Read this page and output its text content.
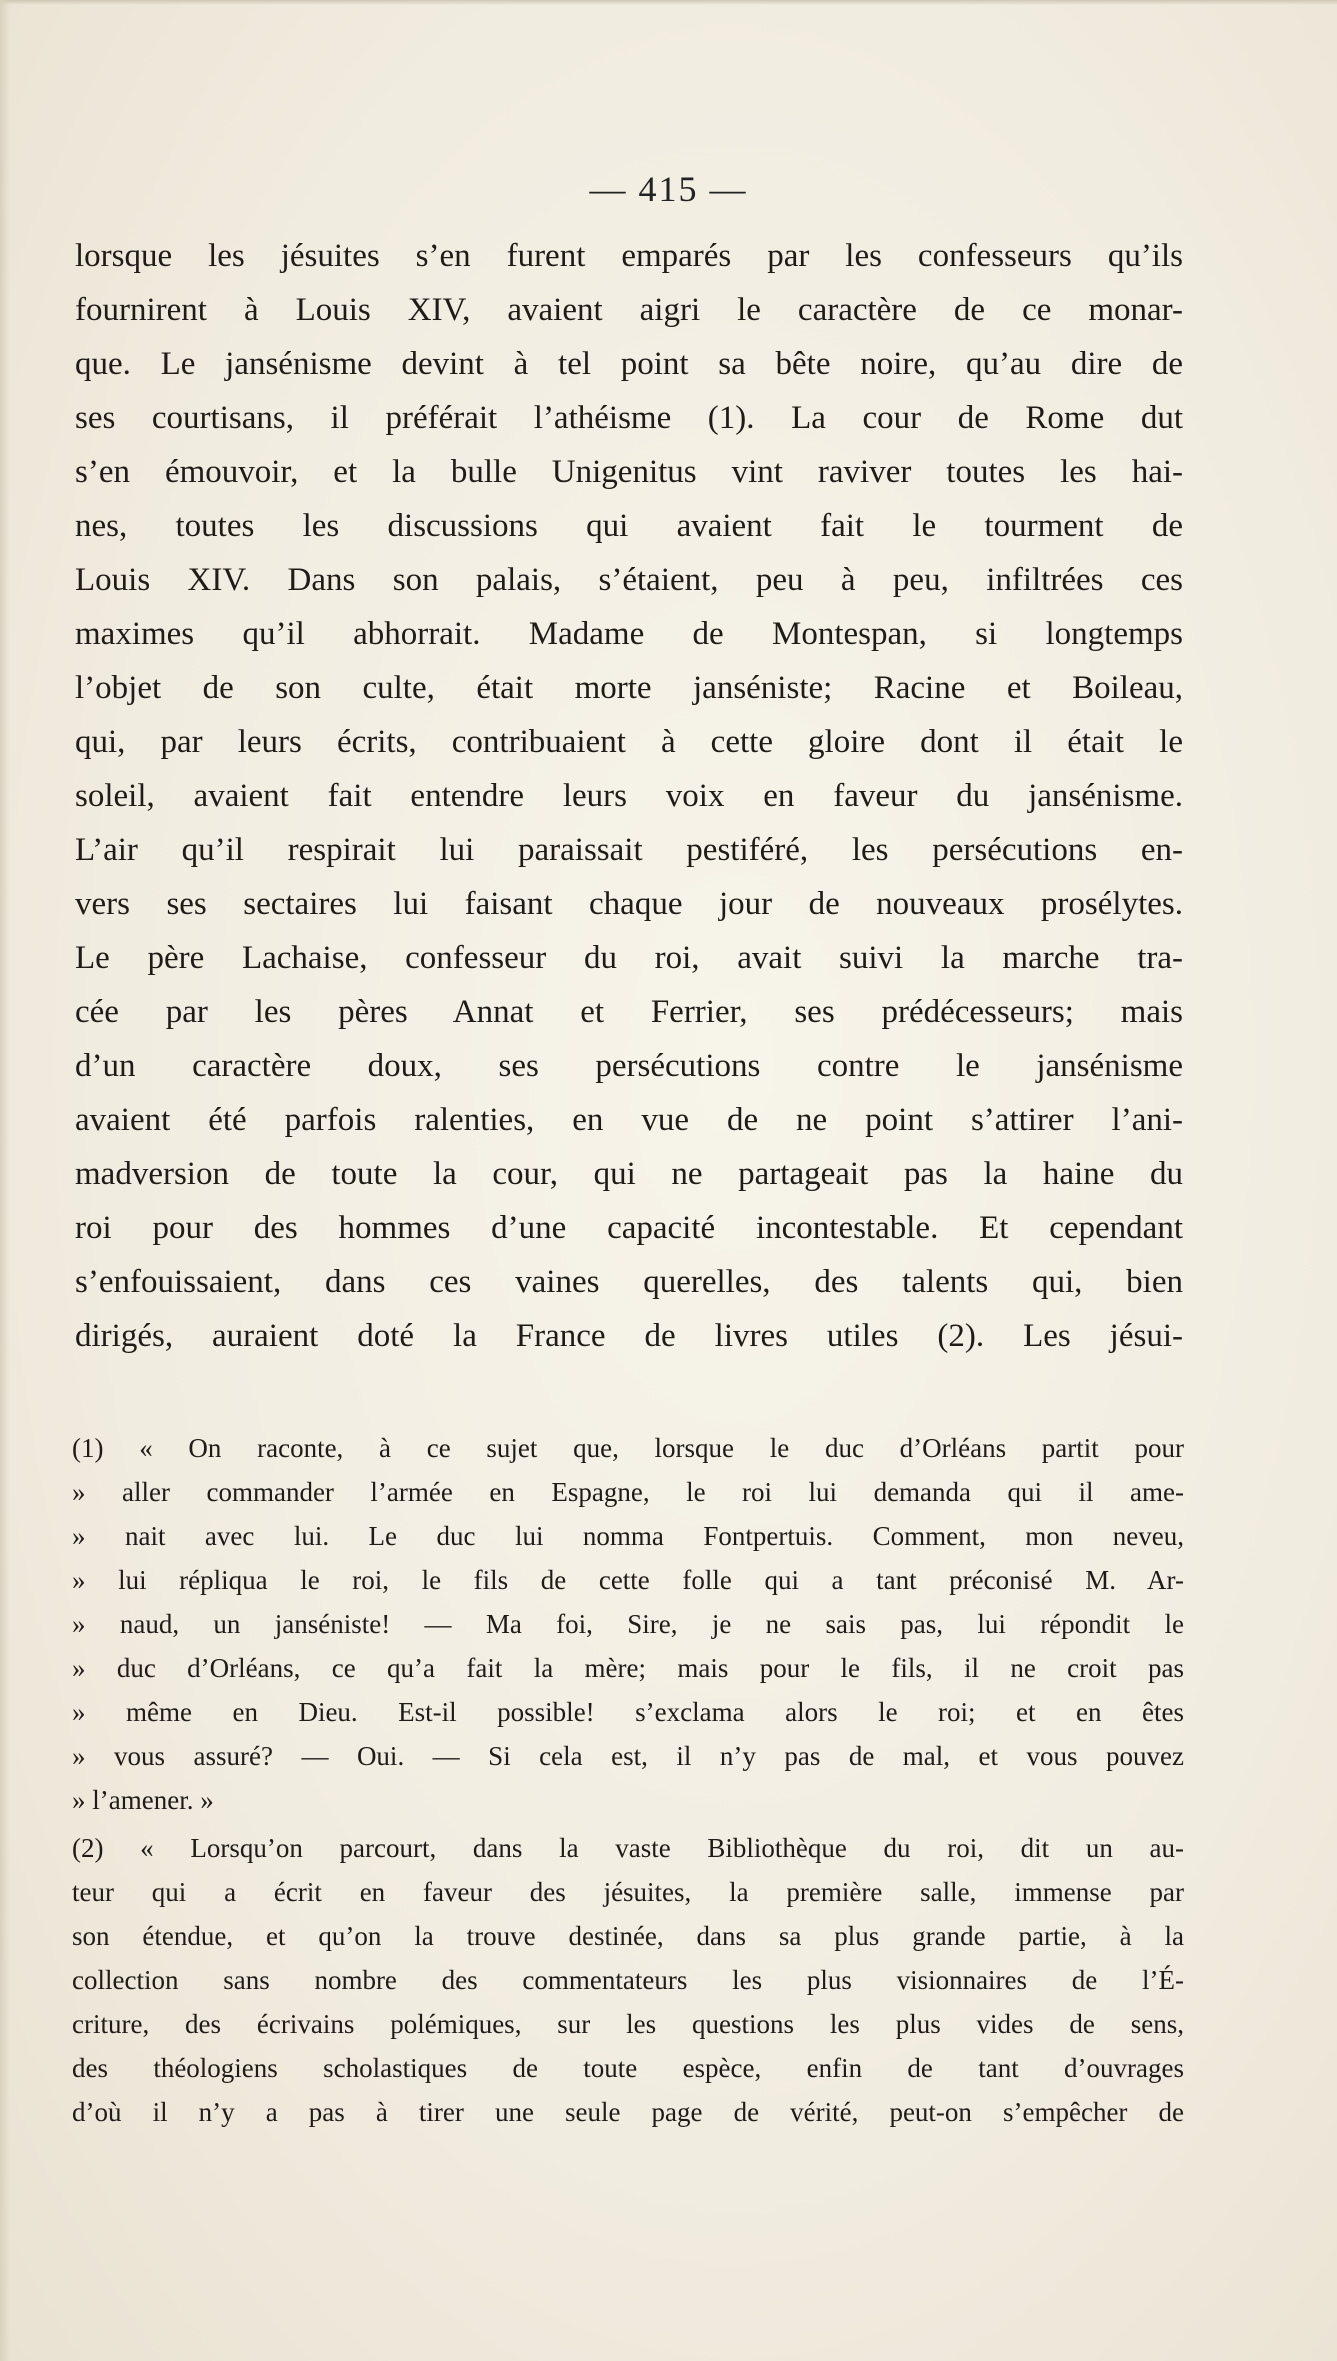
— 415 —
lorsque les jésuites s’en furent emparés par les confesseurs qu’ils
fournirent à Louis XIV, avaient aigri le caractère de ce monar-
que. Le jansénisme devint à tel point sa bête noire, qu’au dire de
ses courtisans, il préférait l’athéisme (1). La cour de Rome dut
s’en émouvoir, et la bulle Unigenitus vint raviver toutes les hai-
nes, toutes les discussions qui avaient fait le tourment de
Louis XIV. Dans son palais, s’étaient, peu à peu, infiltrées ces
maximes qu’il abhorrait. Madame de Montespan, si longtemps
l’objet de son culte, était morte janséniste; Racine et Boileau,
qui, par leurs écrits, contribuaient à cette gloire dont il était le
soleil, avaient fait entendre leurs voix en faveur du jansénisme.
L’air qu’il respirait lui paraissait pestiféré, les persécutions en-
vers ses sectaires lui faisant chaque jour de nouveaux prosélytes.
Le père Lachaise, confesseur du roi, avait suivi la marche tra-
cée par les pères Annat et Ferrier, ses prédécesseurs; mais
d’un caractère doux, ses persécutions contre le jansénisme
avaient été parfois ralenties, en vue de ne point s’attirer l’ani-
madversion de toute la cour, qui ne partageait pas la haine du
roi pour des hommes d’une capacité incontestable. Et cependant
s’enfouissaient, dans ces vaines querelles, des talents qui, bien
dirigés, auraient doté la France de livres utiles (2). Les jésui-
(1) « On raconte, à ce sujet que, lorsque le duc d’Orléans partit pour
» aller commander l’armée en Espagne, le roi lui demanda qui il ame-
» nait avec lui. Le duc lui nomma Fontpertuis. Comment, mon neveu,
» lui répliqua le roi, le fils de cette folle qui a tant préconisé M. Ar-
» naud, un janséniste! — Ma foi, Sire, je ne sais pas, lui répondit le
» duc d’Orléans, ce qu’a fait la mère; mais pour le fils, il ne croit pas
» même en Dieu. Est-il possible! s’exclama alors le roi; et en êtes
» vous assuré? — Oui. — Si cela est, il n’y pas de mal, et vous pouvez
» l’amener. »
(2) « Lorsqu’on parcourt, dans la vaste Bibliothèque du roi, dit un au-
teur qui a écrit en faveur des jésuites, la première salle, immense par
son étendue, et qu’on la trouve destinée, dans sa plus grande partie, à la
collection sans nombre des commentateurs les plus visionnaires de l’É-
criture, des écrivains polémiques, sur les questions les plus vides de sens,
des théologiens scholastiques de toute espèce, enfin de tant d’ouvrages
d’où il n’y a pas à tirer une seule page de vérité, peut-on s’empêcher de
